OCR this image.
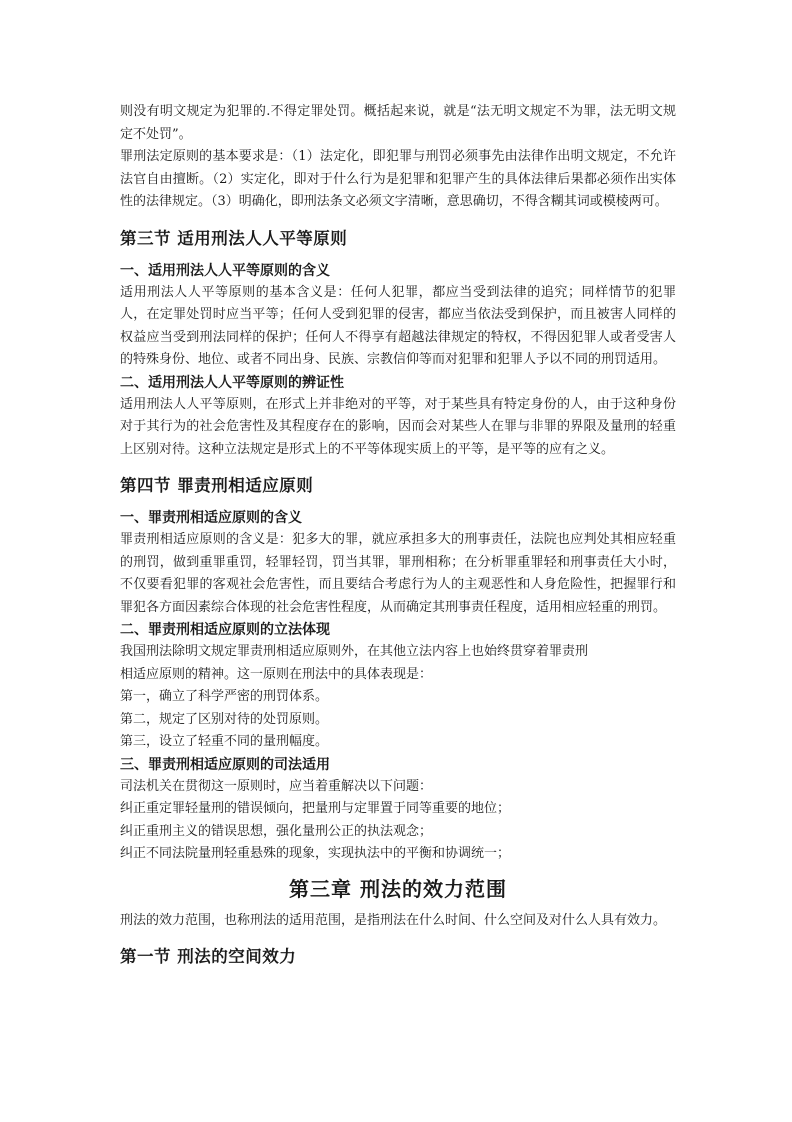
则没有明文规定为犯罪的.不得定罪处罚。概括起来说，就是“法无明文规定不为罪，法无明文规定不处罚”。

罪刑法定原则的基本要求是：（1）法定化，即犯罪与刑罚必须事先由法律作出明文规定，不允许法官自由擅断。（2）实定化，即对于什么行为是犯罪和犯罪产生的具体法律后果都必须作出实体性的法律规定。（3）明确化，即刑法条文必须文字清晰，意思确切，不得含糊其词或模棱两可。

第三节 适用刑法人人平等原则
一、适用刑法人人平等原则的含义

适用刑法人人平等原则的基本含义是：任何人犯罪，都应当受到法律的追究；同样情节的犯罪人，在定罪处罚时应当平等；任何人受到犯罪的侵害，都应当依法受到保护，而且被害人同样的权益应当受到刑法同样的保护；任何人不得享有超越法律规定的特权，不得因犯罪人或者受害人的特殊身份、地位、或者不同出身、民族、宗教信仰等而对犯罪和犯罪人予以不同的刑罚适用。

二、适用刑法人人平等原则的辨证性

适用刑法人人平等原则，在形式上并非绝对的平等，对于某些具有特定身份的人，由于这种身份对于其行为的社会危害性及其程度存在的影响，因而会对某些人在罪与非罪的界限及量刑的轻重上区别对待。这种立法规定是形式上的不平等体现实质上的平等，是平等的应有之义。

第四节 罪责刑相适应原则
一、罪责刑相适应原则的含义

罪责刑相适应原则的含义是：犯多大的罪，就应承担多大的刑事责任，法院也应判处其相应轻重的刑罚，做到重罪重罚，轻罪轻罚，罚当其罪，罪刑相称；在分析罪重罪轻和刑事责任大小时，不仅要看犯罪的客观社会危害性，而且要结合考虑行为人的主观恶性和人身危险性，把握罪行和罪犯各方面因素综合体现的社会危害性程度，从而确定其刑事责任程度，适用相应轻重的刑罚。

二、罪责刑相适应原则的立法体现

我国刑法除明文规定罪责刑相适应原则外，在其他立法内容上也始终贯穿着罪责刑

相适应原则的精神。这一原则在刑法中的具体表现是：

第一，确立了科学严密的刑罚体系。

第二，规定了区别对待的处罚原则。

第三，设立了轻重不同的量刑幅度。

三、罪责刑相适应原则的司法适用

司法机关在贯彻这一原则时，应当着重解决以下问题：

纠正重定罪轻量刑的错误倾向，把量刑与定罪置于同等重要的地位；

纠正重刑主义的错误思想，强化量刑公正的执法观念；

纠正不同法院量刑轻重悬殊的现象，实现执法中的平衡和协调统一；

第三章 刑法的效力范围

刑法的效力范围，也称刑法的适用范围，是指刑法在什么时间、什么空间及对什么人具有效力。

第一节 刑法的空间效力
